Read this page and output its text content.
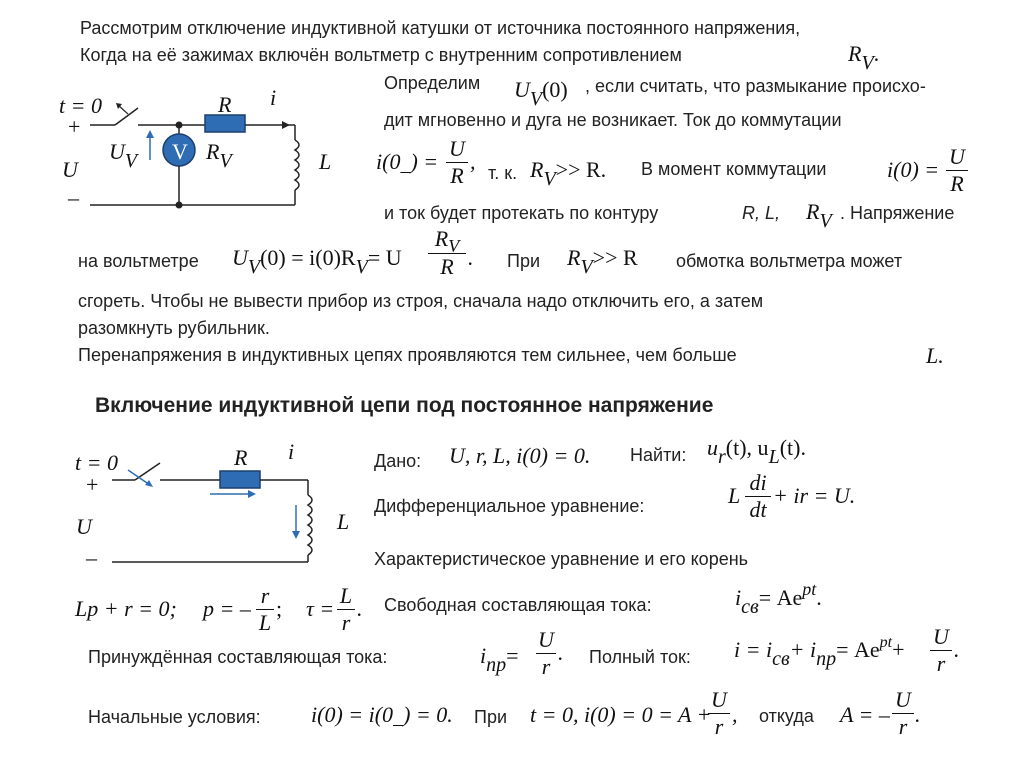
Рассмотрим отключение индуктивной катушки от источника постоянного напряжения,
Когда на её зажимах включён вольтметр с внутренним сопротивлением	RV.
Определим UV(0) , если считать, что размыкание происхо-
дит мгновенно и дуга не возникает. Ток до коммутации
i(0–) =
U
R
, т. к. RV>> R. В момент коммутации	i(0) =
U
R
и ток будет протекать по контуру	R, L, RV . Напряжение
на вольтметре UV(0) = i(0)RV= U
$R_V$
R . При RV>> R обмотка вольтметра может
сгореть. Чтобы не вывести прибор из строя, сначала надо отключить его, а затем
разомкнуть рубильник.
Перенапряжения в индуктивных цепях проявляются тем сильнее, чем больше	L.
t = 0
+
U
–
R i
UV V RV	L
Включение индуктивной цепи под постоянное напряжение
t = 0
+
U
–
R i
L
Дано: U, r, L, i(0) = 0. Найти: ur(t), uL(t).
Дифференциальное уравнение:	L
di
dt
+ ir = U.
Характеристическое уравнение и его корень
Lp + r = 0; p = –
r
L
; τ =
L
r
. Свободная составляющая тока:	$iсв= Ae^{pt}$.
Принуждённая составляющая тока:	iпр=
U
r
. Полный ток: $i = iсв+ iпр= Ae^{pt}+$
U
r
.
Начальные условия: i(0) = i(0–) = 0. При t = 0, i(0) = 0 = A +
U
r , откуда A = –
U
r .
